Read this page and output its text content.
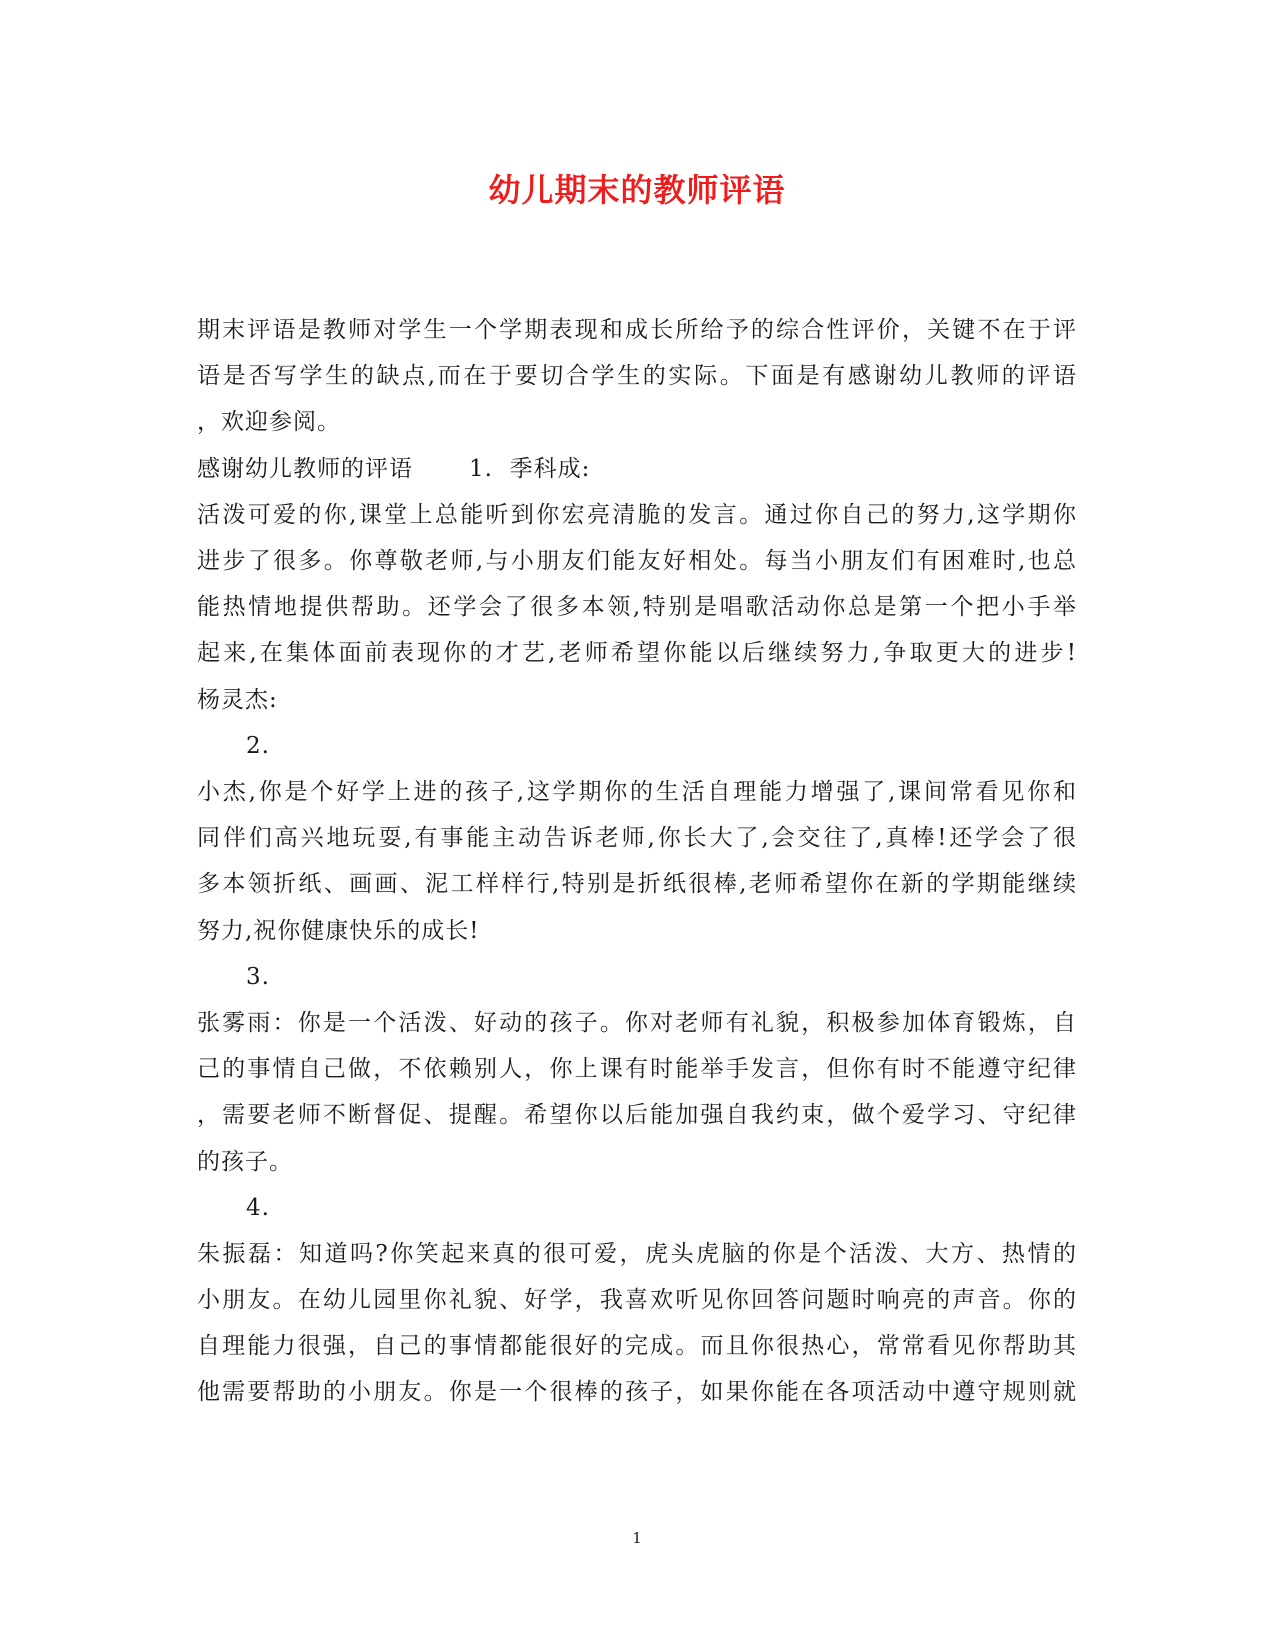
幼儿期末的教师评语
期末评语是教师对学生一个学期表现和成长所给予的综合性评价，关键不在于评
语是否写学生的缺点,而在于要切合学生的实际。下面是有感谢幼儿教师的评语
，欢迎参阅。
感谢幼儿教师的评语 1. 季科成:
活泼可爱的你,课堂上总能听到你宏亮清脆的发言。通过你自己的努力,这学期你
进步了很多。你尊敬老师,与小朋友们能友好相处。每当小朋友们有困难时,也总
能热情地提供帮助。还学会了很多本领,特别是唱歌活动你总是第一个把小手举
起来,在集体面前表现你的才艺,老师希望你能以后继续努力,争取更大的进步!
杨灵杰:
2.
小杰,你是个好学上进的孩子,这学期你的生活自理能力增强了,课间常看见你和
同伴们高兴地玩耍,有事能主动告诉老师,你长大了,会交往了,真棒!还学会了很
多本领折纸、画画、泥工样样行,特别是折纸很棒,老师希望你在新的学期能继续
努力,祝你健康快乐的成长!
3.
张雾雨：你是一个活泼、好动的孩子。你对老师有礼貌，积极参加体育锻炼，自
己的事情自己做，不依赖别人，你上课有时能举手发言，但你有时不能遵守纪律
，需要老师不断督促、提醒。希望你以后能加强自我约束，做个爱学习、守纪律
的孩子。
4.
朱振磊：知道吗?你笑起来真的很可爱，虎头虎脑的你是个活泼、大方、热情的
小朋友。在幼儿园里你礼貌、好学，我喜欢听见你回答问题时响亮的声音。你的
自理能力很强，自己的事情都能很好的完成。而且你很热心，常常看见你帮助其
他需要帮助的小朋友。你是一个很棒的孩子，如果你能在各项活动中遵守规则就
1
